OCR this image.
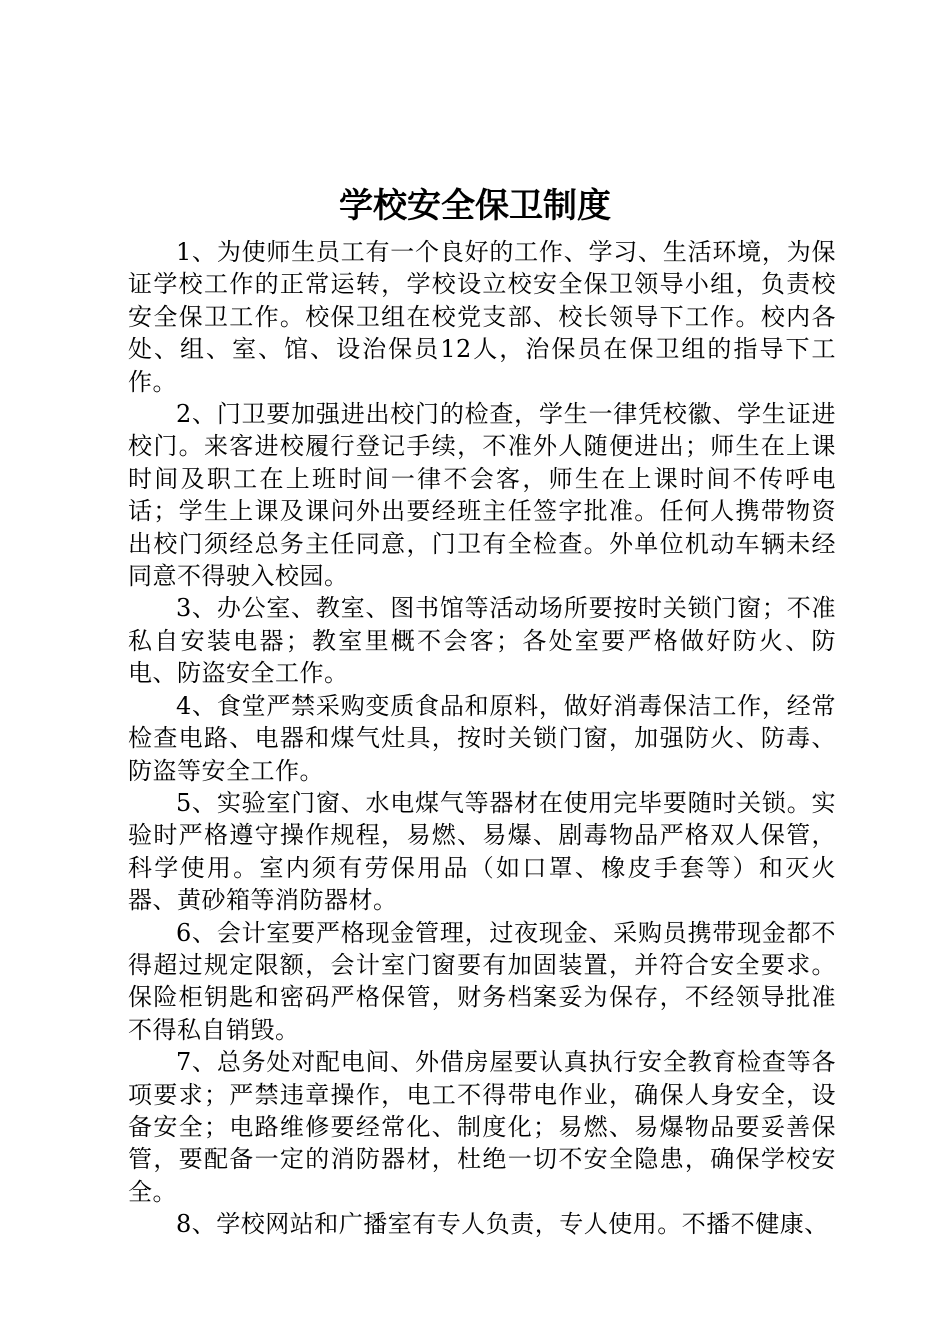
学校安全保卫制度

1、为使师生员工有一个良好的工作、学习、生活环境，为保证学校工作的正常运转，学校设立校安全保卫领导小组，负责校安全保卫工作。校保卫组在校党支部、校长领导下工作。校内各处、组、室、馆、设治保员12人，治保员在保卫组的指导下工作。

2、门卫要加强进出校门的检查，学生一律凭校徽、学生证进校门。来客进校履行登记手续，不准外人随便进出；师生在上课时间及职工在上班时间一律不会客，师生在上课时间不传呼电话；学生上课及课问外出要经班主任签字批准。任何人携带物资出校门须经总务主任同意，门卫有全检查。外单位机动车辆未经同意不得驶入校园。

3、办公室、教室、图书馆等活动场所要按时关锁门窗；不准私自安装电器；教室里概不会客；各处室要严格做好防火、防电、防盗安全工作。

4、食堂严禁采购变质食品和原料，做好消毒保洁工作，经常检查电路、电器和煤气灶具，按时关锁门窗，加强防火、防毒、防盗等安全工作。

5、实验室门窗、水电煤气等器材在使用完毕要随时关锁。实验时严格遵守操作规程，易燃、易爆、剧毒物品严格双人保管，科学使用。室内须有劳保用品（如口罩、橡皮手套等）和灭火器、黄砂箱等消防器材。

6、会计室要严格现金管理，过夜现金、采购员携带现金都不得超过规定限额，会计室门窗要有加固装置，并符合安全要求。保险柜钥匙和密码严格保管，财务档案妥为保存，不经领导批准不得私自销毁。

7、总务处对配电间、外借房屋要认真执行安全教育检查等各项要求；严禁违章操作，电工不得带电作业，确保人身安全，设备安全；电路维修要经常化、制度化；易燃、易爆物品要妥善保管，要配备一定的消防器材，杜绝一切不安全隐患，确保学校安全。

8、学校网站和广播室有专人负责，专人使用。不播不健康、
